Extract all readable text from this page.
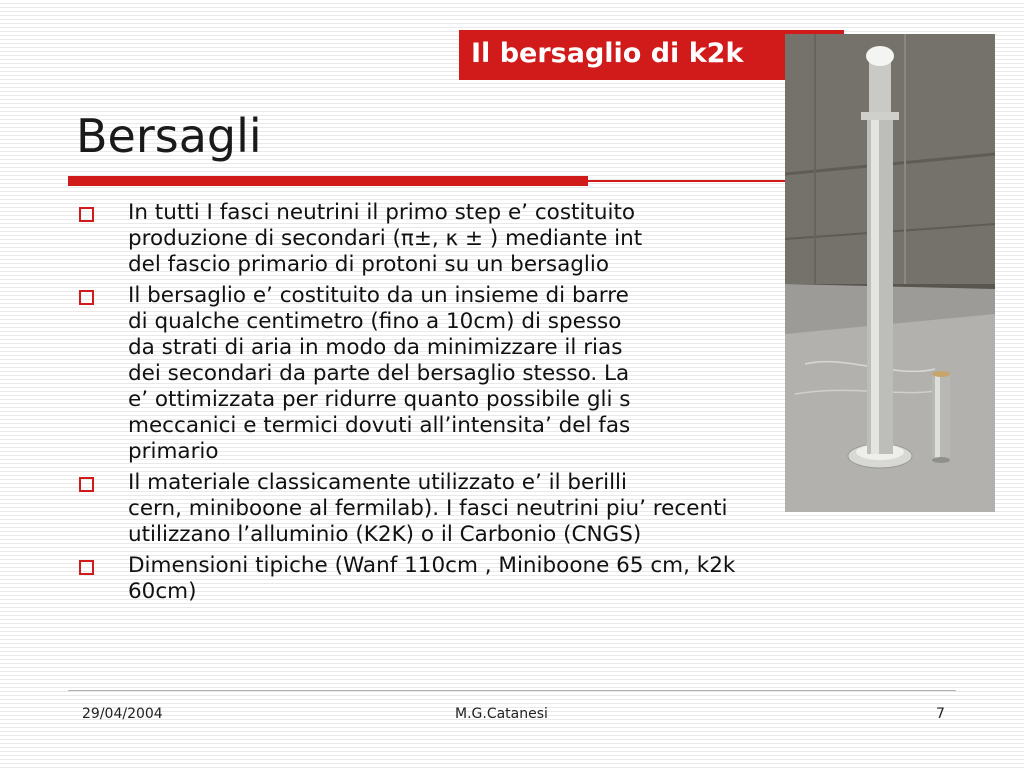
Il bersaglio di k2k
Bersagli
In tutti I fasci neutrini il primo step e’ costituito
produzione di secondari (π±, κ ± ) mediante int
del fascio primario di protoni su un bersaglio
Il bersaglio e’ costituito da un insieme di barre
di qualche centimetro (fino a 10cm) di spesso
da strati di aria in modo da minimizzare il rias
dei secondari da parte del bersaglio stesso. La
e’ ottimizzata per ridurre quanto possibile gli s
meccanici e termici dovuti all’intensita’ del fas
primario
Il materiale classicamente utilizzato e’ il berilli
cern, miniboone al fermilab). I fasci neutrini piu’ recenti
utilizzano l’alluminio (K2K) o il Carbonio (CNGS)
Dimensioni tipiche (Wanf 110cm , Miniboone 65 cm, k2k
60cm)
29/04/2004	M.G.Catanesi	7
